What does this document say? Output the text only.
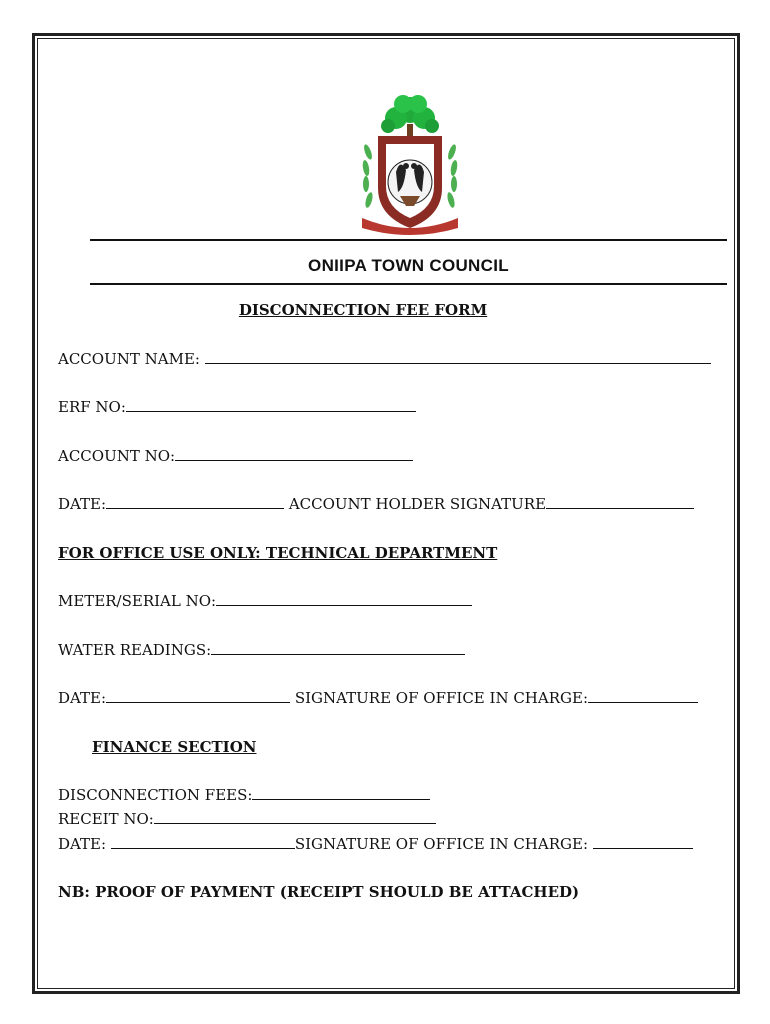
ONIIPA TOWN COUNCIL
DISCONNECTION FEE FORM
ACCOUNT NAME:
ERF NO:
ACCOUNT NO:
DATE:	ACCOUNT HOLDER SIGNATURE
FOR OFFICE USE ONLY: TECHNICAL DEPARTMENT
METER/SERIAL NO:
WATER READINGS:
DATE:	SIGNATURE OF OFFICE IN CHARGE:
FINANCE SECTION
DISCONNECTION FEES:
RECEIT NO:
DATE:	SIGNATURE OF OFFICE IN CHARGE:
NB: PROOF OF PAYMENT (RECEIPT SHOULD BE ATTACHED)
